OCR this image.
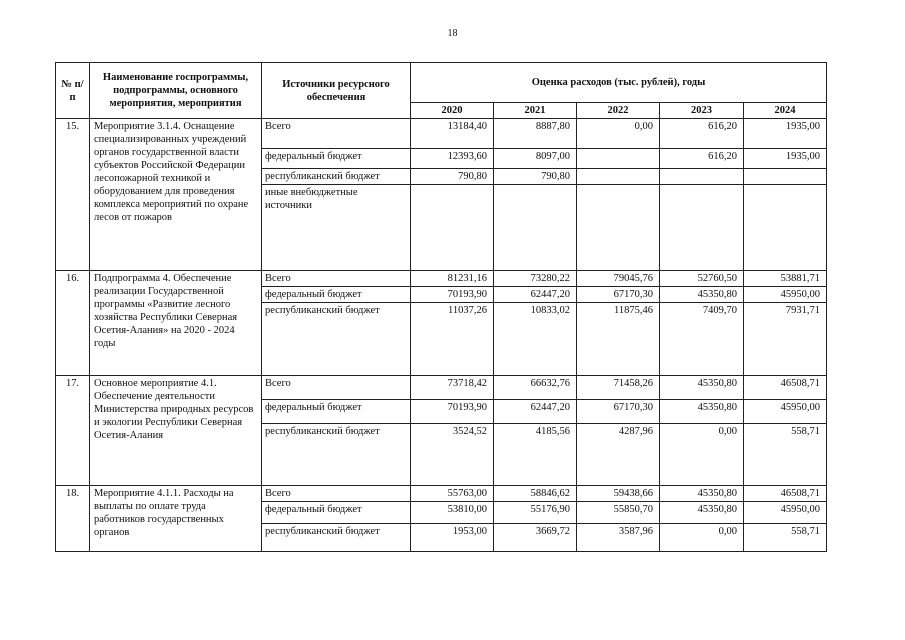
18
№ п/п	Наименование госпрограммы, подпрограммы, основного мероприятия, мероприятия	Источники ресурсного обеспечения	Оценка расходов (тыс. рублей), годы				
			2020	2021	2022	2023	2024
15.	Мероприятие 3.1.4. Оснащение специализированных учреждений органов государственной власти субъектов Российской Федерации лесопожарной техникой и оборудованием для проведения комплекса мероприятий по охране лесов от пожаров	Всего	13184,40	8887,80	0,00	616,20	1935,00
		федеральный бюджет	12393,60	8097,00		616,20	1935,00
		республиканский бюджет	790,80	790,80			
		иные внебюджетные источники					
16.	Подпрограмма 4. Обеспечение реализации Государственной программы «Развитие лесного хозяйства Республики Северная Осетия-Алания» на 2020 - 2024 годы	Всего	81231,16	73280,22	79045,76	52760,50	53881,71
		федеральный бюджет	70193,90	62447,20	67170,30	45350,80	45950,00
		республиканский бюджет	11037,26	10833,02	11875,46	7409,70	7931,71
17.	Основное мероприятие 4.1. Обеспечение деятельности Министерства природных ресурсов и экологии Республики Северная Осетия-Алания	Всего	73718,42	66632,76	71458,26	45350,80	46508,71
		федеральный бюджет	70193,90	62447,20	67170,30	45350,80	45950,00
		республиканский бюджет	3524,52	4185,56	4287,96	0,00	558,71
18.	Мероприятие 4.1.1. Расходы на выплаты по оплате труда работников государственных органов	Всего	55763,00	58846,62	59438,66	45350,80	46508,71
		федеральный бюджет	53810,00	55176,90	55850,70	45350,80	45950,00
		республиканский бюджет	1953,00	3669,72	3587,96	0,00	558,71
